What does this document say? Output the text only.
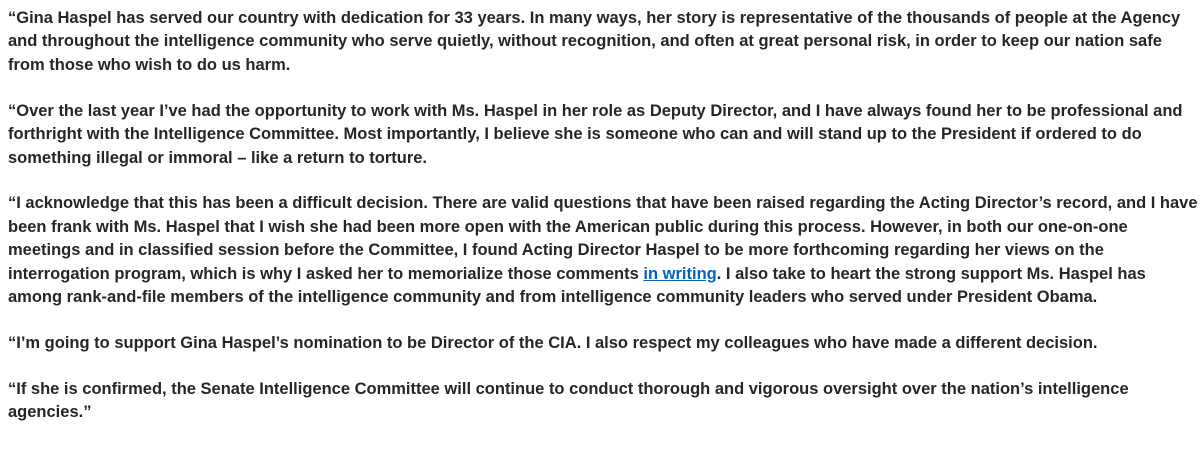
“Gina Haspel has served our country with dedication for 33 years. In many ways, her story is representative of the thousands of people at the Agency and throughout the intelligence community who serve quietly, without recognition, and often at great personal risk, in order to keep our nation safe from those who wish to do us harm.

“Over the last year I’ve had the opportunity to work with Ms. Haspel in her role as Deputy Director, and I have always found her to be professional and forthright with the Intelligence Committee. Most importantly, I believe she is someone who can and will stand up to the President if ordered to do something illegal or immoral – like a return to torture.

“I acknowledge that this has been a difficult decision. There are valid questions that have been raised regarding the Acting Director’s record, and I have been frank with Ms. Haspel that I wish she had been more open with the American public during this process. However, in both our one-on-one meetings and in classified session before the Committee, I found Acting Director Haspel to be more forthcoming regarding her views on the interrogation program, which is why I asked her to memorialize those comments in writing. I also take to heart the strong support Ms. Haspel has among rank-and-file members of the intelligence community and from intelligence community leaders who served under President Obama.

“I’m going to support Gina Haspel’s nomination to be Director of the CIA. I also respect my colleagues who have made a different decision.

“If she is confirmed, the Senate Intelligence Committee will continue to conduct thorough and vigorous oversight over the nation’s intelligence agencies.”
